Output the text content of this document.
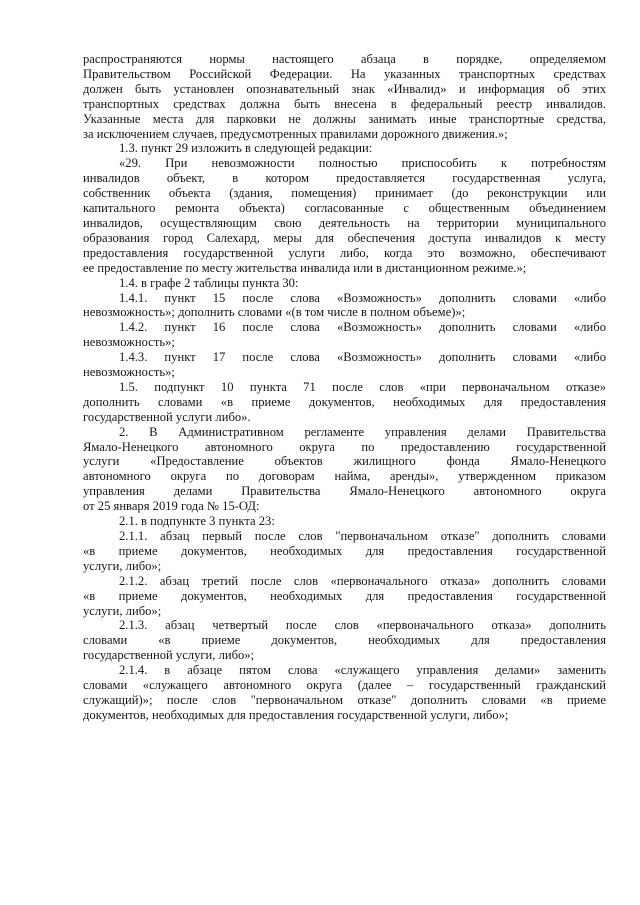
распространяются нормы настоящего абзаца в порядке, определяемом
Правительством Российской Федерации. На указанных транспортных средствах
должен быть установлен опознавательный знак «Инвалид» и информация об этих
транспортных средствах должна быть внесена в федеральный реестр инвалидов.
Указанные места для парковки не должны занимать иные транспортные средства,
за исключением случаев, предусмотренных правилами дорожного движения.»;
1.3. пункт 29 изложить в следующей редакции:
«29. При невозможности полностью приспособить к потребностям
инвалидов объект, в котором предоставляется государственная услуга,
собственник объекта (здания, помещения) принимает (до реконструкции или
капитального ремонта объекта) согласованные с общественным объединением
инвалидов, осуществляющим свою деятельность на территории муниципального
образования город Салехард, меры для обеспечения доступа инвалидов к месту
предоставления государственной услуги либо, когда это возможно, обеспечивают
ее предоставление по месту жительства инвалида или в дистанционном режиме.»;
1.4. в графе 2 таблицы пункта 30:
1.4.1. пункт 15 после слова «Возможность» дополнить словами «либо
невозможность»; дополнить словами «(в том числе в полном объеме)»;
1.4.2. пункт 16 после слова «Возможность» дополнить словами «либо
невозможность»;
1.4.3. пункт 17 после слова «Возможность» дополнить словами «либо
невозможность»;
1.5. подпункт 10 пункта 71 после слов «при первоначальном отказе»
дополнить словами «в приеме документов, необходимых для предоставления
государственной услуги либо».
2. В Административном регламенте управления делами Правительства
Ямало-Ненецкого автономного округа по предоставлению государственной
услуги «Предоставление объектов жилищного фонда Ямало-Ненецкого
автономного округа по договорам найма, аренды», утвержденном приказом
управления делами Правительства Ямало-Ненецкого автономного округа
от 25 января 2019 года № 15-ОД:
2.1. в подпункте 3 пункта 23:
2.1.1. абзац первый после слов "первоначальном отказе" дополнить словами
«в приеме документов, необходимых для предоставления государственной
услуги, либо»;
2.1.2. абзац третий после слов «первоначального отказа» дополнить словами
«в приеме документов, необходимых для предоставления государственной
услуги, либо»;
2.1.3. абзац четвертый после слов «первоначального отказа» дополнить
словами «в приеме документов, необходимых для предоставления
государственной услуги, либо»;
2.1.4. в абзаце пятом слова «служащего управления делами» заменить
словами «служащего автономного округа (далее – государственный гражданский
служащий)»; после слов "первоначальном отказе" дополнить словами «в приеме
документов, необходимых для предоставления государственной услуги, либо»;
